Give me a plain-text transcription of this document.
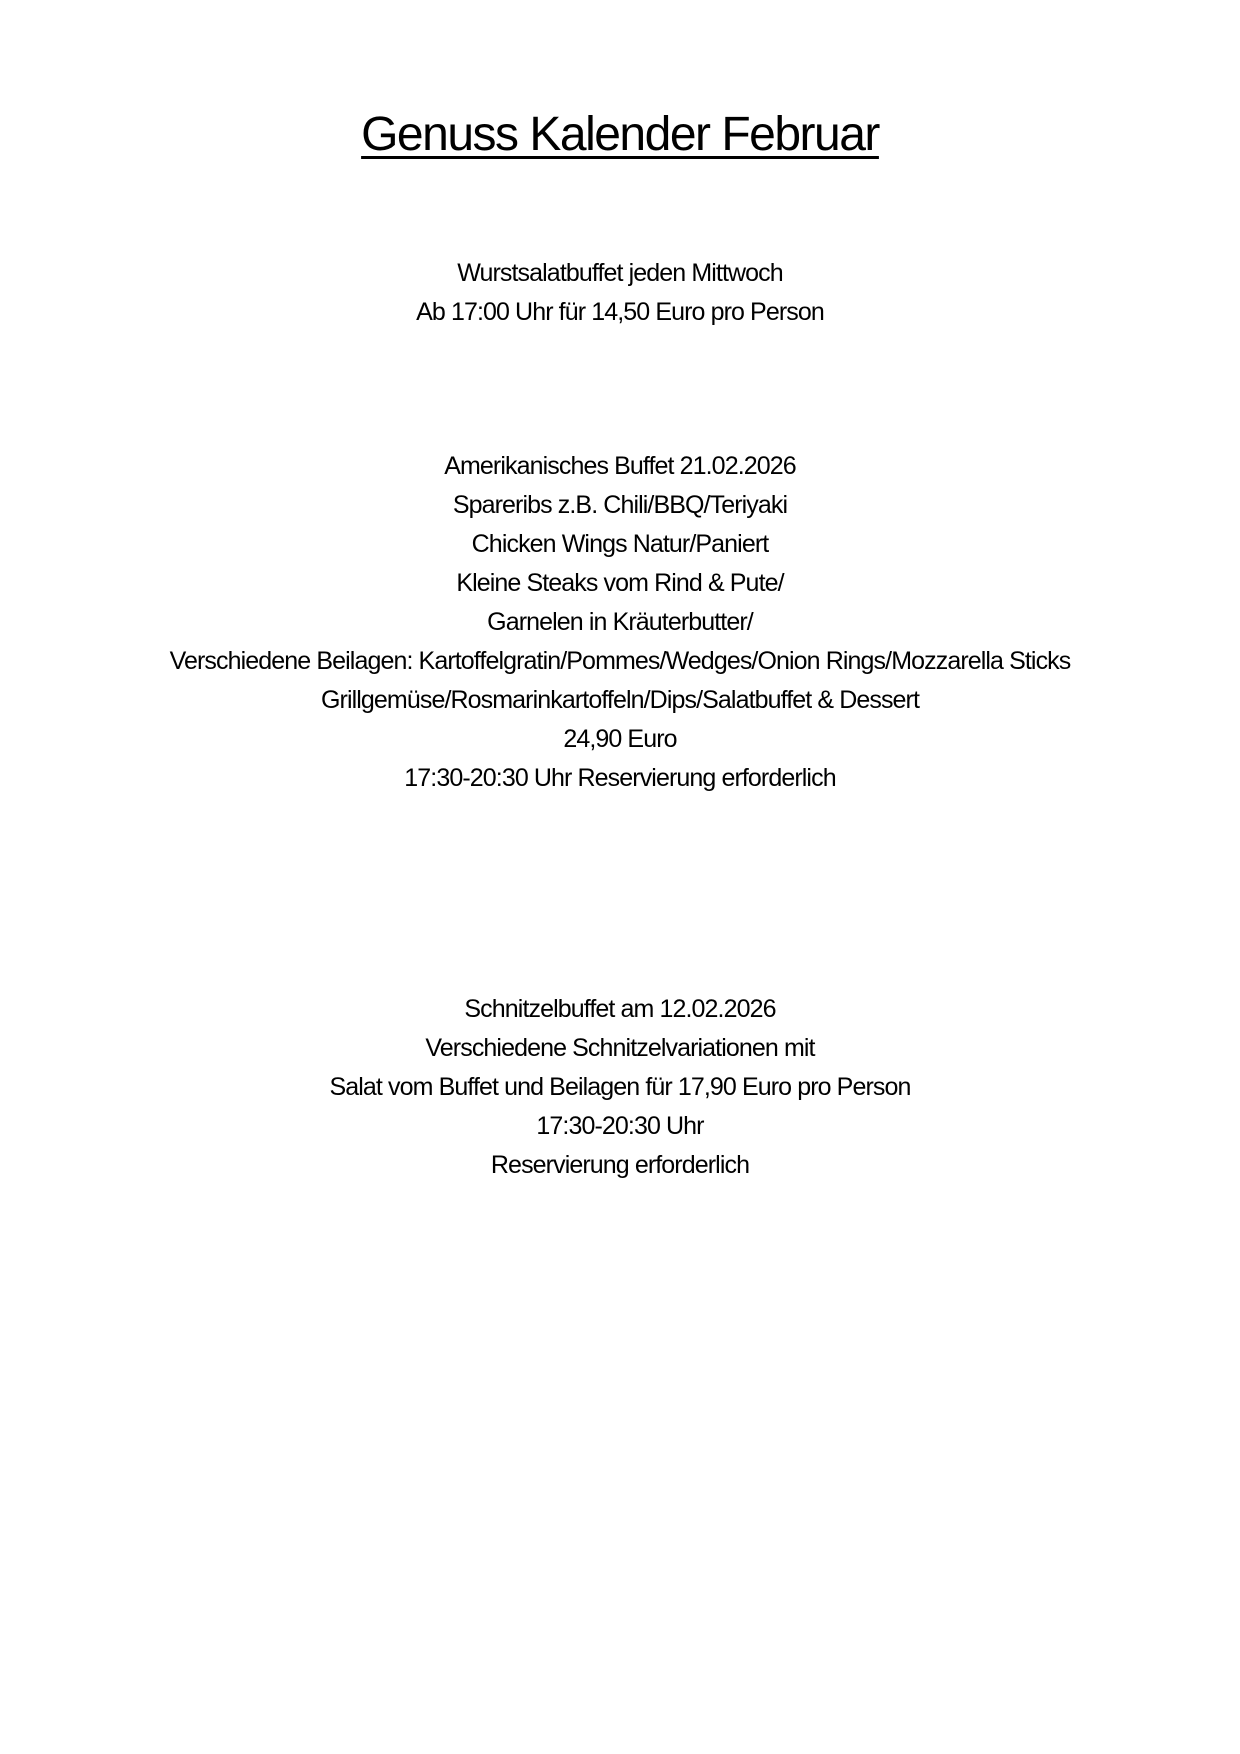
Genuss Kalender Februar
Wurstsalatbuffet jeden Mittwoch
Ab 17:00 Uhr für 14,50 Euro pro Person
Amerikanisches Buffet 21.02.2026
Spareribs z.B. Chili/BBQ/Teriyaki
Chicken Wings Natur/Paniert
Kleine Steaks vom Rind & Pute/
Garnelen in Kräuterbutter/
Verschiedene Beilagen: Kartoffelgratin/Pommes/Wedges/Onion Rings/Mozzarella Sticks
Grillgemüse/Rosmarinkartoffeln/Dips/Salatbuffet & Dessert
24,90 Euro
17:30-20:30 Uhr Reservierung erforderlich
Schnitzelbuffet am 12.02.2026
Verschiedene Schnitzelvariationen mit
Salat vom Buffet und Beilagen für 17,90 Euro pro Person
17:30-20:30 Uhr
Reservierung erforderlich
